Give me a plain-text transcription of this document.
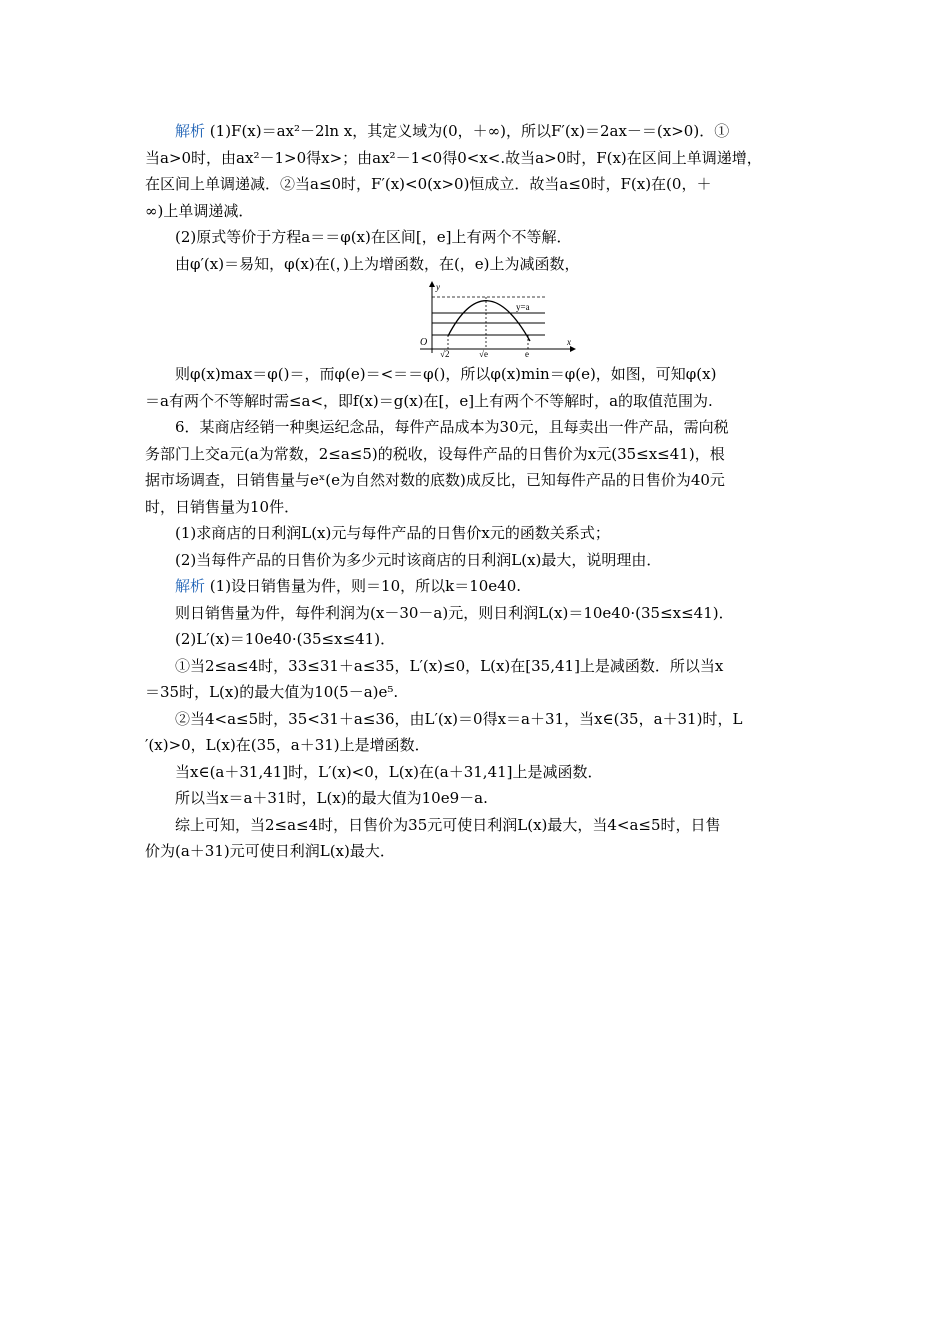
解析 (1)F(x)＝ax²－2ln x，其定义域为(0，＋∞)，所以F′(x)＝2ax－＝(x>0)．①
当a>0时，由ax²－1>0得x>；由ax²－1<0得0<x<.故当a>0时，F(x)在区间上单调递增，
在区间上单调递减．②当a≤0时，F′(x)<0(x>0)恒成立．故当a≤0时，F(x)在(0，＋
∞)上单调递减．
(2)原式等价于方程a＝＝φ(x)在区间[，e]上有两个不等解．
由φ′(x)＝易知，φ(x)在(，)上为增函数，在(，e)上为减函数，
y
x
O
y=a
√2	√e	e
则φ(x)max＝φ()＝，而φ(e)＝<＝＝φ()，所以φ(x)min＝φ(e)，如图，可知φ(x)
＝a有两个不等解时需≤a<，即f(x)＝g(x)在[，e]上有两个不等解时，a的取值范围为.
6．某商店经销一种奥运纪念品，每件产品成本为30元，且每卖出一件产品，需向税
务部门上交a元(a为常数，2≤a≤5)的税收，设每件产品的日售价为x元(35≤x≤41)，根
据市场调查，日销售量与eˣ(e为自然对数的底数)成反比，已知每件产品的日售价为40元
时，日销售量为10件．
(1)求商店的日利润L(x)元与每件产品的日售价x元的函数关系式；
(2)当每件产品的日售价为多少元时该商店的日利润L(x)最大，说明理由．
解析 (1)设日销售量为件，则＝10，所以k＝10e40.
则日销售量为件，每件利润为(x－30－a)元，则日利润L(x)＝10e40·(35≤x≤41)．
(2)L′(x)＝10e40·(35≤x≤41)．
①当2≤a≤4时，33≤31＋a≤35，L′(x)≤0，L(x)在[35,41]上是减函数．所以当x
＝35时，L(x)的最大值为10(5－a)e⁵.
②当4<a≤5时，35<31＋a≤36，由L′(x)＝0得x＝a＋31，当x∈(35，a＋31)时，L
′(x)>0，L(x)在(35，a＋31)上是增函数．
当x∈(a＋31,41]时，L′(x)<0，L(x)在(a＋31,41]上是减函数．
所以当x＝a＋31时，L(x)的最大值为10e9－a.
综上可知，当2≤a≤4时，日售价为35元可使日利润L(x)最大，当4<a≤5时，日售
价为(a＋31)元可使日利润L(x)最大．
